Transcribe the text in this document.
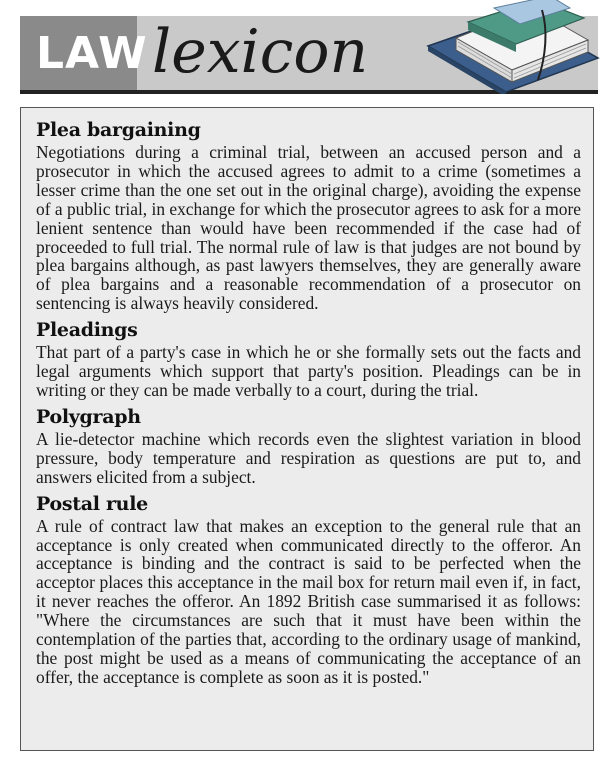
LAW lexicon

Plea bargaining

Negotiations during a criminal trial, between an accused person and a prosecutor in which the accused agrees to admit to a crime (sometimes a lesser crime than the one set out in the original charge), avoiding the expense of a public trial, in exchange for which the prosecutor agrees to ask for a more lenient sentence than would have been recommended if the case had of proceeded to full trial. The normal rule of law is that judges are not bound by plea bargains although, as past lawyers themselves, they are generally aware of plea bargains and a reasonable recommendation of a prosecutor on sentencing is always heavily considered.

Pleadings

That part of a party's case in which he or she formally sets out the facts and legal arguments which support that party's position. Pleadings can be in writing or they can be made verbally to a court, during the trial.

Polygraph

A lie-detector machine which records even the slightest variation in blood pressure, body temperature and respiration as questions are put to, and answers elicited from a subject.

Postal rule

A rule of contract law that makes an exception to the general rule that an acceptance is only created when communicated directly to the offeror. An acceptance is binding and the contract is said to be perfected when the acceptor places this acceptance in the mail box for return mail even if, in fact, it never reaches the offeror. An 1892 British case summarised it as follows: "Where the circumstances are such that it must have been within the contemplation of the parties that, according to the ordinary usage of mankind, the post might be used as a means of communicating the acceptance of an offer, the acceptance is complete as soon as it is posted."
